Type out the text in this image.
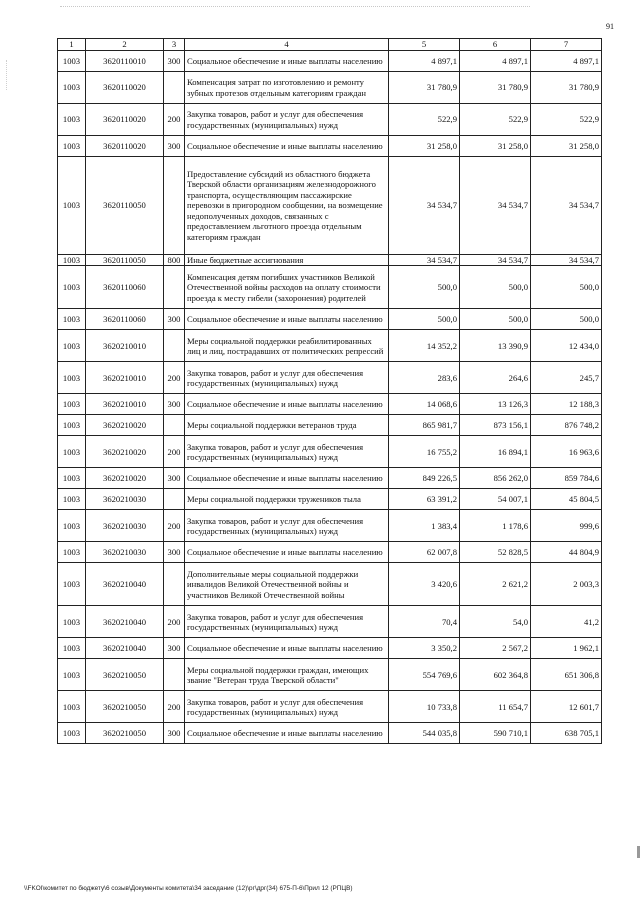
91
1	2	3	4	5	6	7
1003	3620110010	300	Социальное обеспечение и иные выплаты населению	4 897,1	4 897,1	4 897,1
1003	3620110020		Компенсация затрат по изготовлению и ремонту зубных протезов отдельным категориям граждан	31 780,9	31 780,9	31 780,9
1003	3620110020	200	Закупка товаров, работ и услуг для обеспечения государственных (муниципальных) нужд	522,9	522,9	522,9
1003	3620110020	300	Социальное обеспечение и иные выплаты населению	31 258,0	31 258,0	31 258,0
1003	3620110050		Предоставление субсидий из областного бюджета Тверской области организациям железнодорожного транспорта, осуществляющим пассажирские перевозки в пригородном сообщении, на возмещение недополученных доходов, связанных с предоставлением льготного проезда отдельным категориям граждан	34 534,7	34 534,7	34 534,7
1003	3620110050	800	Иные бюджетные ассигнования	34 534,7	34 534,7	34 534,7
1003	3620110060		Компенсация детям погибших участников Великой Отечественной войны расходов на оплату стоимости проезда к месту гибели (захоронения) родителей	500,0	500,0	500,0
1003	3620110060	300	Социальное обеспечение и иные выплаты населению	500,0	500,0	500,0
1003	3620210010		Меры социальной поддержки реабилитированных лиц и лиц, пострадавших от политических репрессий	14 352,2	13 390,9	12 434,0
1003	3620210010	200	Закупка товаров, работ и услуг для обеспечения государственных (муниципальных) нужд	283,6	264,6	245,7
1003	3620210010	300	Социальное обеспечение и иные выплаты населению	14 068,6	13 126,3	12 188,3
1003	3620210020		Меры социальной поддержки ветеранов труда	865 981,7	873 156,1	876 748,2
1003	3620210020	200	Закупка товаров, работ и услуг для обеспечения государственных (муниципальных) нужд	16 755,2	16 894,1	16 963,6
1003	3620210020	300	Социальное обеспечение и иные выплаты населению	849 226,5	856 262,0	859 784,6
1003	3620210030		Меры социальной поддержки тружеников тыла	63 391,2	54 007,1	45 804,5
1003	3620210030	200	Закупка товаров, работ и услуг для обеспечения государственных (муниципальных) нужд	1 383,4	1 178,6	999,6
1003	3620210030	300	Социальное обеспечение и иные выплаты населению	62 007,8	52 828,5	44 804,9
1003	3620210040		Дополнительные меры социальной поддержки инвалидов Великой Отечественной войны и участников Великой Отечественной войны	3 420,6	2 621,2	2 003,3
1003	3620210040	200	Закупка товаров, работ и услуг для обеспечения государственных (муниципальных) нужд	70,4	54,0	41,2
1003	3620210040	300	Социальное обеспечение и иные выплаты населению	3 350,2	2 567,2	1 962,1
1003	3620210050		Меры социальной поддержки граждан, имеющих звание "Ветеран труда Тверской области"	554 769,6	602 364,8	651 306,8
1003	3620210050	200	Закупка товаров, работ и услуг для обеспечения государственных (муниципальных) нужд	10 733,8	11 654,7	12 601,7
1003	3620210050	300	Социальное обеспечение и иные выплаты населению	544 035,8	590 710,1	638 705,1
\\FKOI\комитет по бюджету\6 созыв\Документы комитета\34 заседание (12)\рг\дрг(34) 675-П-6\Прил 12 (РПЦВ)
